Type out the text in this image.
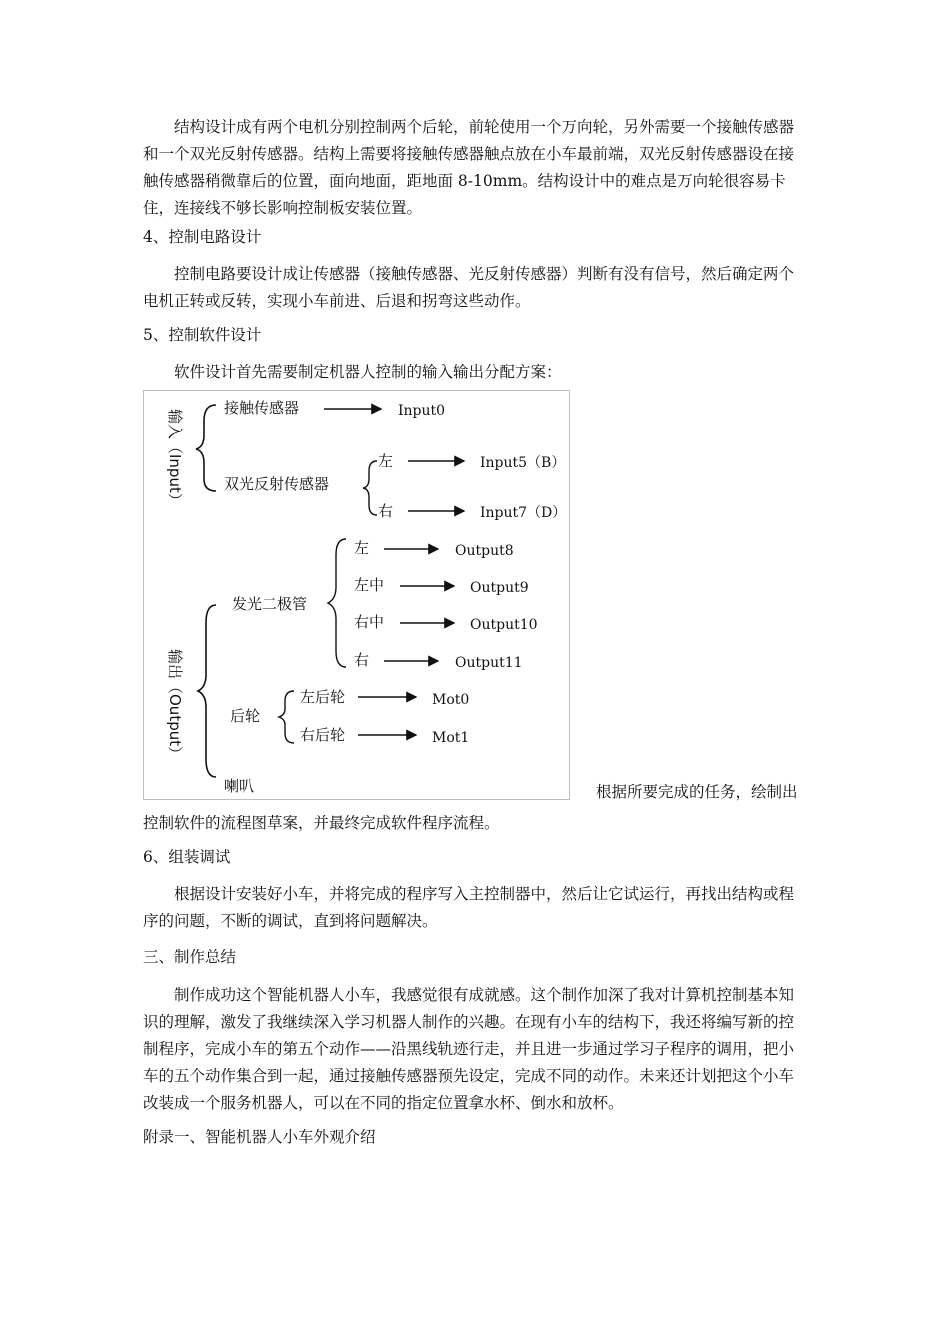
结构设计成有两个电机分别控制两个后轮，前轮使用一个万向轮，另外需要一个接触传感器和一个双光反射传感器。结构上需要将接触传感器触点放在小车最前端，双光反射传感器设在接触传感器稍微靠后的位置，面向地面，距地面 8-10mm。结构设计中的难点是万向轮很容易卡住，连接线不够长影响控制板安装位置。

4、控制电路设计

控制电路要设计成让传感器（接触传感器、光反射传感器）判断有没有信号，然后确定两个电机正转或反转，实现小车前进、后退和拐弯这些动作。

5、控制软件设计

软件设计首先需要制定机器人控制的输入输出分配方案：

输入（Input）
接触传感器	Input0
双光反射传感器
左	Input5（B）
右	Input7（D）
输出（Output）
发光二极管
左	Output8
左中	Output9
右中	Output10
右	Output11
后轮
左后轮	Mot0
右后轮	Mot1
喇叭	根据所要完成的任务，绘制出

控制软件的流程图草案，并最终完成软件程序流程。

6、组装调试

根据设计安装好小车，并将完成的程序写入主控制器中，然后让它试运行，再找出结构或程序的问题，不断的调试，直到将问题解决。

三、制作总结

制作成功这个智能机器人小车，我感觉很有成就感。这个制作加深了我对计算机控制基本知识的理解，激发了我继续深入学习机器人制作的兴趣。在现有小车的结构下，我还将编写新的控制程序，完成小车的第五个动作——沿黑线轨迹行走，并且进一步通过学习子程序的调用，把小车的五个动作集合到一起，通过接触传感器预先设定，完成不同的动作。未来还计划把这个小车改装成一个服务机器人，可以在不同的指定位置拿水杯、倒水和放杯。

附录一、智能机器人小车外观介绍
